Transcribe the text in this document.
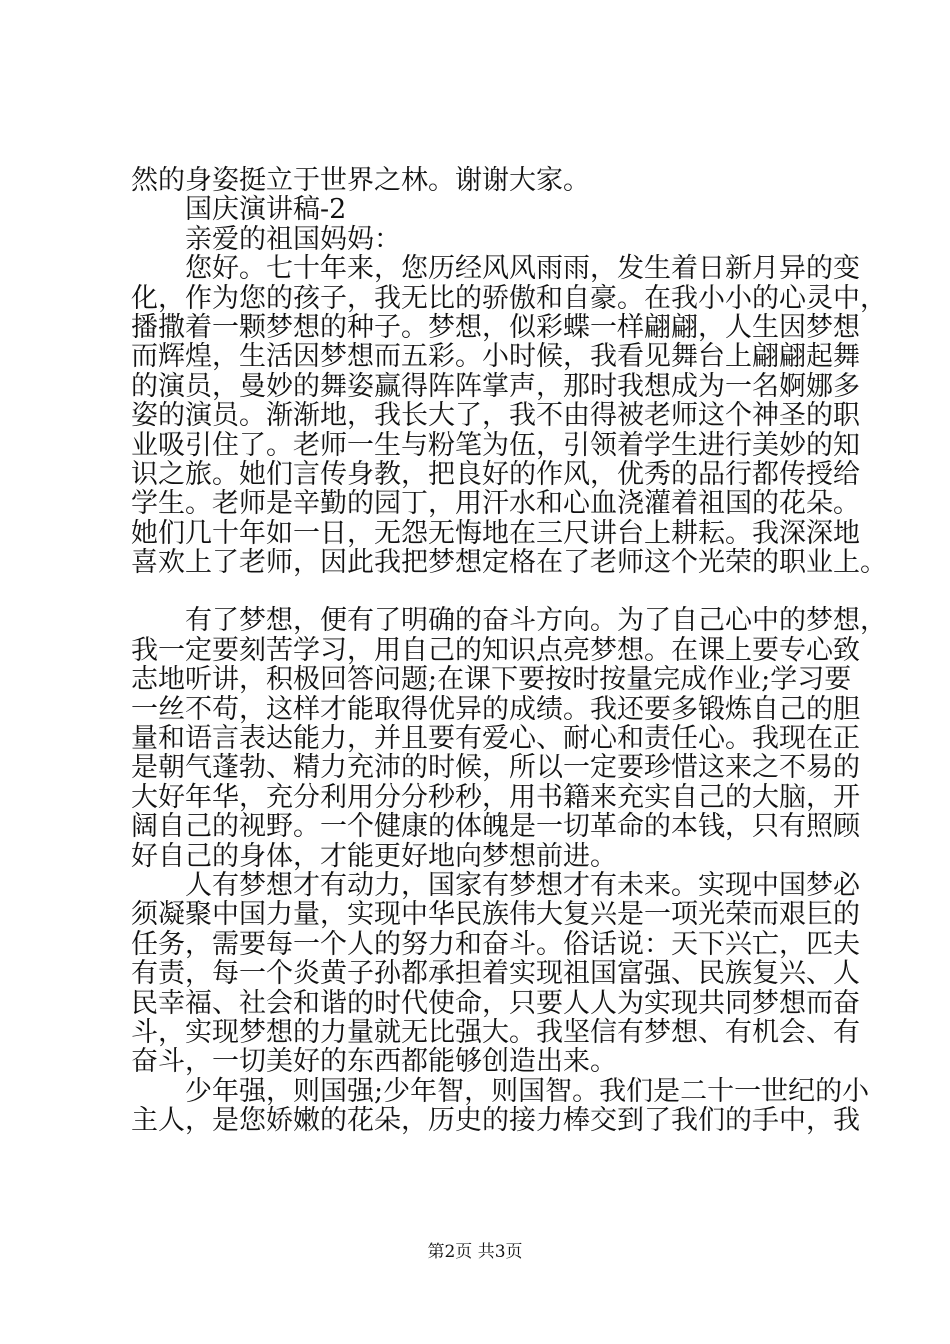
然的身姿挺立于世界之林。谢谢大家。
国庆演讲稿-2
亲爱的祖国妈妈：
您好。七十年来，您历经风风雨雨，发生着日新月异的变
化，作为您的孩子，我无比的骄傲和自豪。在我小小的心灵中，
播撒着一颗梦想的种子。梦想，似彩蝶一样翩翩，人生因梦想
而辉煌，生活因梦想而五彩。小时候，我看见舞台上翩翩起舞
的演员，曼妙的舞姿赢得阵阵掌声，那时我想成为一名婀娜多
姿的演员。渐渐地，我长大了，我不由得被老师这个神圣的职
业吸引住了。老师一生与粉笔为伍，引领着学生进行美妙的知
识之旅。她们言传身教，把良好的作风，优秀的品行都传授给
学生。老师是辛勤的园丁，用汗水和心血浇灌着祖国的花朵。
她们几十年如一日，无怨无悔地在三尺讲台上耕耘。我深深地
喜欢上了老师，因此我把梦想定格在了老师这个光荣的职业上。
有了梦想，便有了明确的奋斗方向。为了自己心中的梦想，
我一定要刻苦学习，用自己的知识点亮梦想。在课上要专心致
志地听讲，积极回答问题;在课下要按时按量完成作业;学习要
一丝不苟，这样才能取得优异的成绩。我还要多锻炼自己的胆
量和语言表达能力，并且要有爱心、耐心和责任心。我现在正
是朝气蓬勃、精力充沛的时候，所以一定要珍惜这来之不易的
大好年华，充分利用分分秒秒，用书籍来充实自己的大脑，开
阔自己的视野。一个健康的体魄是一切革命的本钱，只有照顾
好自己的身体，才能更好地向梦想前进。
人有梦想才有动力，国家有梦想才有未来。实现中国梦必
须凝聚中国力量，实现中华民族伟大复兴是一项光荣而艰巨的
任务，需要每一个人的努力和奋斗。俗话说：天下兴亡，匹夫
有责，每一个炎黄子孙都承担着实现祖国富强、民族复兴、人
民幸福、社会和谐的时代使命，只要人人为实现共同梦想而奋
斗，实现梦想的力量就无比强大。我坚信有梦想、有机会、有
奋斗，一切美好的东西都能够创造出来。
少年强，则国强;少年智，则国智。我们是二十一世纪的小
主人，是您娇嫩的花朵，历史的接力棒交到了我们的手中，我
第2页 共3页
